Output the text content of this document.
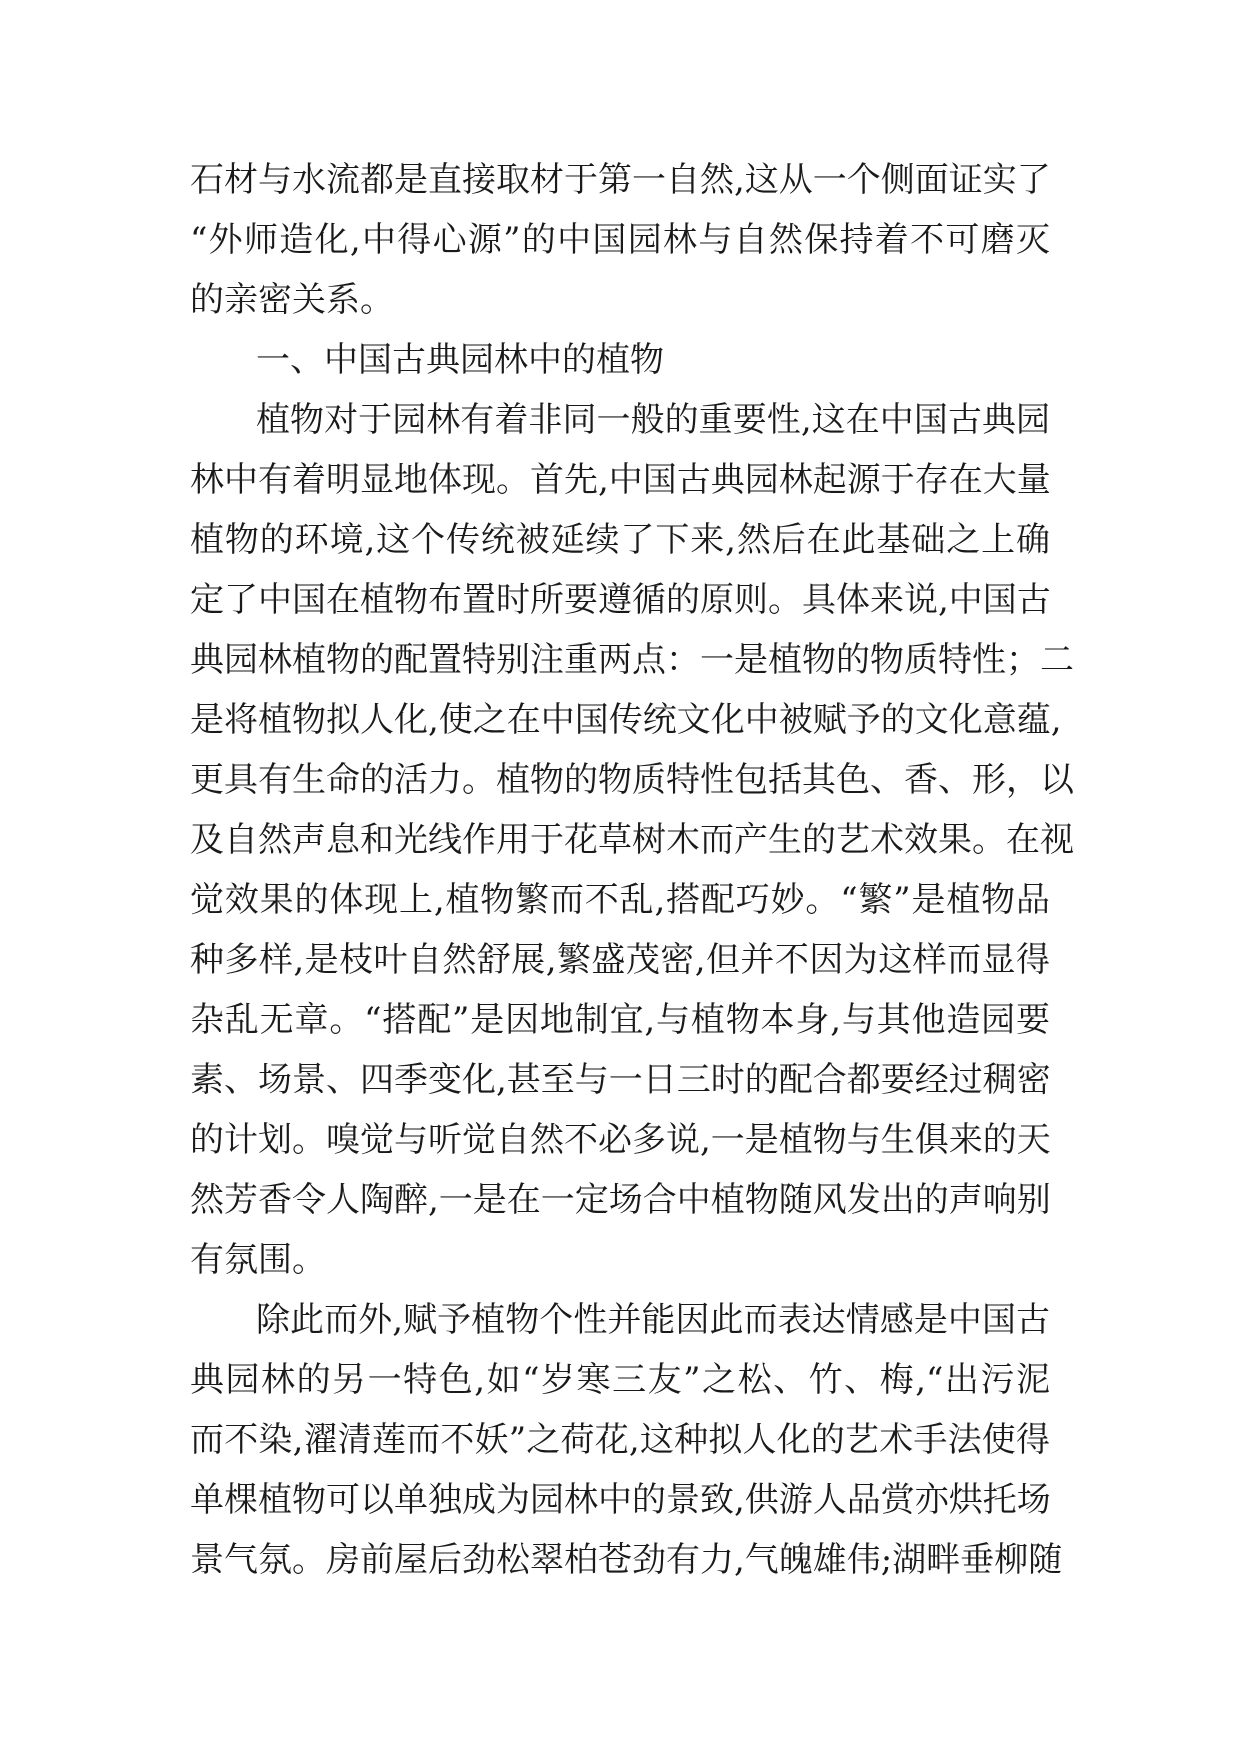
石材与水流都是直接取材于第一自然,这从一个侧面证实了
“外师造化,中得心源”的中国园林与自然保持着不可磨灭
的亲密关系。
一、中国古典园林中的植物
植物对于园林有着非同一般的重要性,这在中国古典园
林中有着明显地体现。首先,中国古典园林起源于存在大量
植物的环境,这个传统被延续了下来,然后在此基础之上确
定了中国在植物布置时所要遵循的原则。具体来说,中国古
典园林植物的配置特别注重两点：一是植物的物质特性；二
是将植物拟人化,使之在中国传统文化中被赋予的文化意蕴,
更具有生命的活力。植物的物质特性包括其色、香、形，以
及自然声息和光线作用于花草树木而产生的艺术效果。在视
觉效果的体现上,植物繁而不乱,搭配巧妙。“繁”是植物品
种多样,是枝叶自然舒展,繁盛茂密,但并不因为这样而显得
杂乱无章。“搭配”是因地制宜,与植物本身,与其他造园要
素、场景、四季变化,甚至与一日三时的配合都要经过稠密
的计划。嗅觉与听觉自然不必多说,一是植物与生俱来的天
然芳香令人陶醉,一是在一定场合中植物随风发出的声响别
有氛围。
除此而外,赋予植物个性并能因此而表达情感是中国古
典园林的另一特色,如“岁寒三友”之松、竹、梅,“出污泥
而不染,濯清莲而不妖”之荷花,这种拟人化的艺术手法使得
单棵植物可以单独成为园林中的景致,供游人品赏亦烘托场
景气氛。房前屋后劲松翠柏苍劲有力,气魄雄伟;湖畔垂柳随
